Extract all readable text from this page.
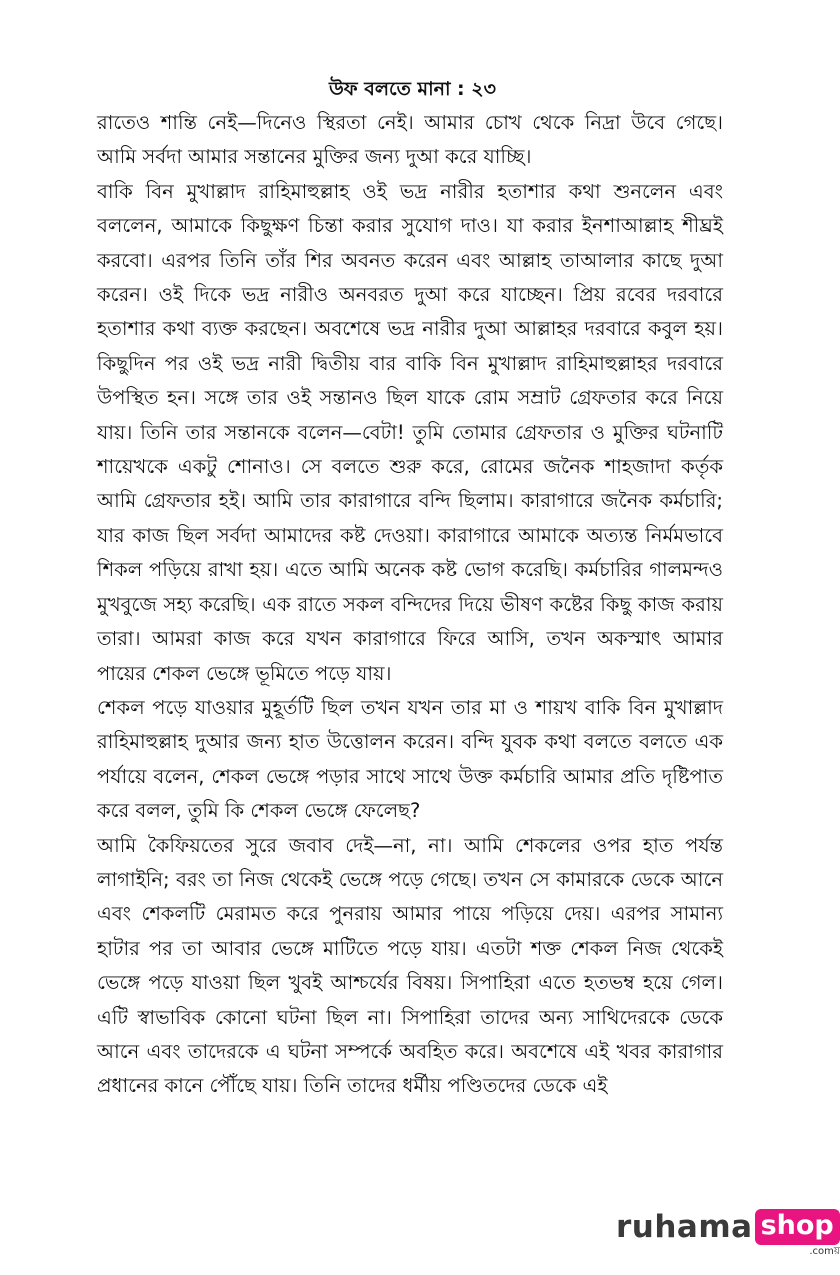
উফ বলতে মানা : ২৩

রাতেও শান্তি নেই—দিনেও স্থিরতা নেই। আমার চোখ থেকে নিদ্রা উবে গেছে। আমি সর্বদা আমার সন্তানের মুক্তির জন্য দুআ করে যাচ্ছি।

বাকি বিন মুখাল্লাদ রাহিমাহুল্লাহ ওই ভদ্র নারীর হতাশার কথা শুনলেন এবং বললেন, আমাকে কিছুক্ষণ চিন্তা করার সুযোগ দাও। যা করার ইনশাআল্লাহ শীঘ্রই করবো। এরপর তিনি তাঁর শির অবনত করেন এবং আল্লাহ তাআলার কাছে দুআ করেন। ওই দিকে ভদ্র নারীও অনবরত দুআ করে যাচ্ছেন। প্রিয় রবের দরবারে হতাশার কথা ব্যক্ত করছেন। অবশেষে ভদ্র নারীর দুআ আল্লাহর দরবারে কবুল হয়। কিছুদিন পর ওই ভদ্র নারী দ্বিতীয় বার বাকি বিন মুখাল্লাদ রাহিমাহুল্লাহর দরবারে উপস্থিত হন। সঙ্গে তার ওই সন্তানও ছিল যাকে রোম সম্রাট গ্রেফতার করে নিয়ে যায়। তিনি তার সন্তানকে বলেন—বেটা! তুমি তোমার গ্রেফতার ও মুক্তির ঘটনাটি শায়েখকে একটু শোনাও। সে বলতে শুরু করে, রোমের জনৈক শাহজাদা কর্তৃক আমি গ্রেফতার হই। আমি তার কারাগারে বন্দি ছিলাম। কারাগারে জনৈক কর্মচারি; যার কাজ ছিল সর্বদা আমাদের কষ্ট দেওয়া। কারাগারে আমাকে অত্যন্ত নির্মমভাবে শিকল পড়িয়ে রাখা হয়। এতে আমি অনেক কষ্ট ভোগ করেছি। কর্মচারির গালমন্দও মুখবুজে সহ্য করেছি। এক রাতে সকল বন্দিদের দিয়ে ভীষণ কষ্টের কিছু কাজ করায় তারা। আমরা কাজ করে যখন কারাগারে ফিরে আসি, তখন অকস্মাৎ আমার পায়ের শেকল ভেঙ্গে ভূমিতে পড়ে যায়।

শেকল পড়ে যাওয়ার মুহূর্তটি ছিল তখন যখন তার মা ও শায়খ বাকি বিন মুখাল্লাদ রাহিমাহুল্লাহ দুআর জন্য হাত উত্তোলন করেন। বন্দি যুবক কথা বলতে বলতে এক পর্যায়ে বলেন, শেকল ভেঙ্গে পড়ার সাথে সাথে উক্ত কর্মচারি আমার প্রতি দৃষ্টিপাত করে বলল, তুমি কি শেকল ভেঙ্গে ফেলেছ?

আমি কৈফিয়তের সুরে জবাব দেই—না, না। আমি শেকলের ওপর হাত পর্যন্ত লাগাইনি; বরং তা নিজ থেকেই ভেঙ্গে পড়ে গেছে। তখন সে কামারকে ডেকে আনে এবং শেকলটি মেরামত করে পুনরায় আমার পায়ে পড়িয়ে দেয়। এরপর সামান্য হাটার পর তা আবার ভেঙ্গে মাটিতে পড়ে যায়। এতটা শক্ত শেকল নিজ থেকেই ভেঙ্গে পড়ে যাওয়া ছিল খুবই আশ্চর্যের বিষয়। সিপাহিরা এতে হতভম্ব হয়ে গেল। এটি স্বাভাবিক কোনো ঘটনা ছিল না। সিপাহিরা তাদের অন্য সাথিদেরকে ডেকে আনে এবং তাদেরকে এ ঘটনা সম্পর্কে অবহিত করে। অবশেষে এই খবর কারাগার প্রধানের কানে পৌঁছে যায়। তিনি তাদের ধর্মীয় পণ্ডিতদের ডেকে এই

ruhama shop
.comয়
